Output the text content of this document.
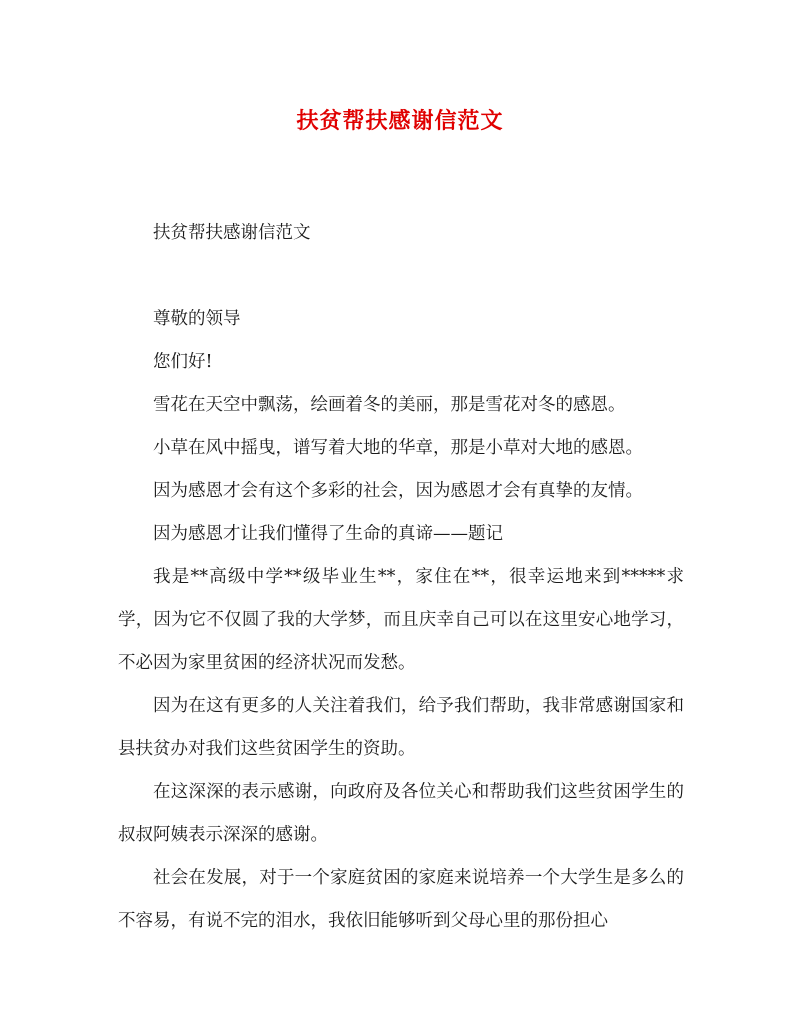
扶贫帮扶感谢信范文

扶贫帮扶感谢信范文

尊敬的领导

您们好!

雪花在天空中飘荡，绘画着冬的美丽，那是雪花对冬的感恩。

小草在风中摇曳，谱写着大地的华章，那是小草对大地的感恩。

因为感恩才会有这个多彩的社会，因为感恩才会有真挚的友情。

因为感恩才让我们懂得了生命的真谛——题记

我是**高级中学**级毕业生**，家住在**，很幸运地来到*****求学，因为它不仅圆了我的大学梦，而且庆幸自己可以在这里安心地学习，不必因为家里贫困的经济状况而发愁。

因为在这有更多的人关注着我们，给予我们帮助，我非常感谢国家和县扶贫办对我们这些贫困学生的资助。

在这深深的表示感谢，向政府及各位关心和帮助我们这些贫困学生的叔叔阿姨表示深深的感谢。

社会在发展，对于一个家庭贫困的家庭来说培养一个大学生是多么的不容易，有说不完的泪水，我依旧能够听到父母心里的那份担心
